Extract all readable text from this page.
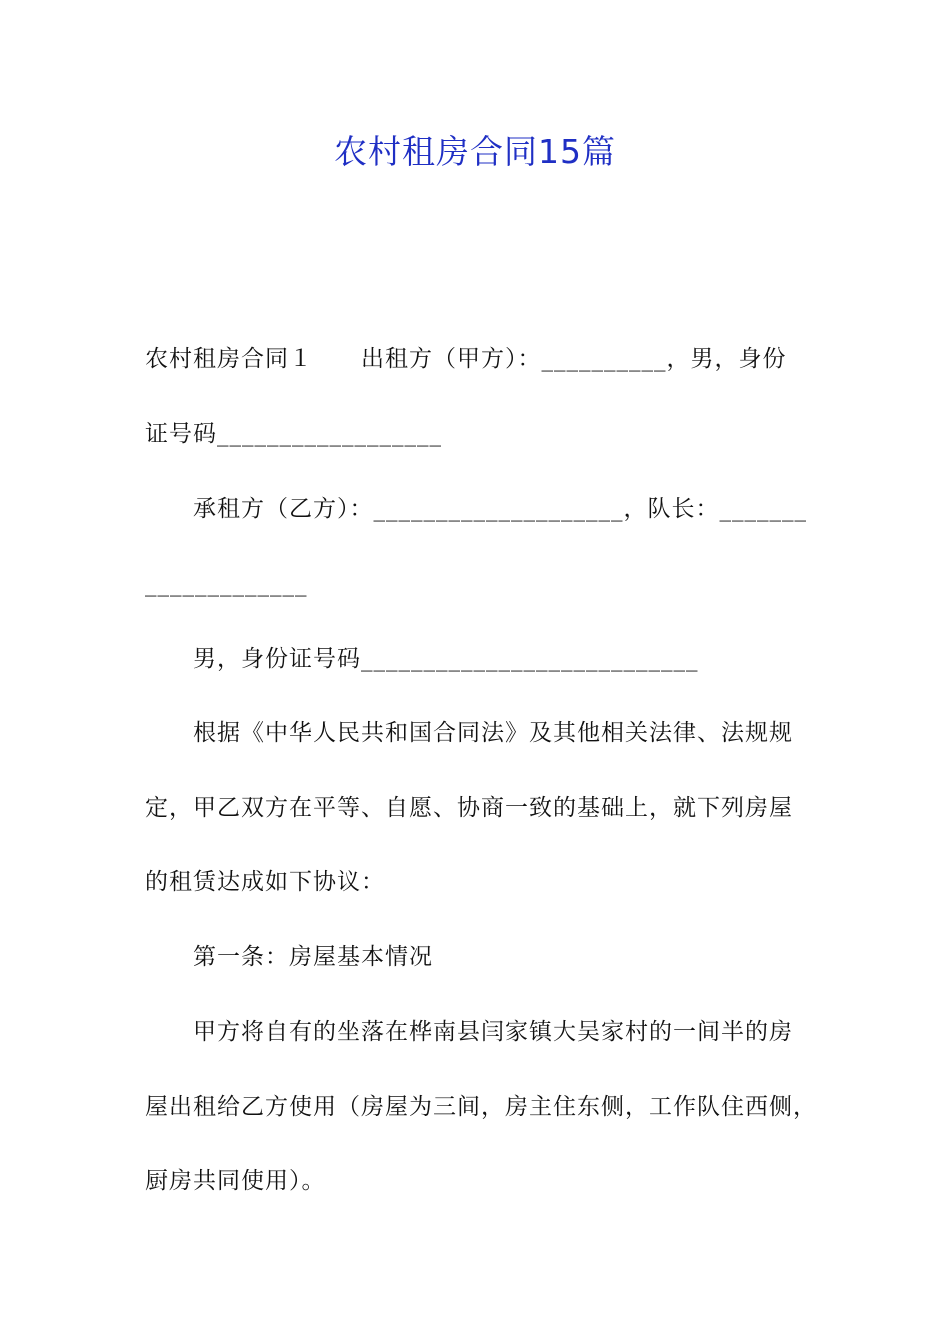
农村租房合同15篇
农村租房合同１ 出租方（甲方）：__________，男，身份
证号码__________________
承租方（乙方）：____________________，队长：_______
_____________
男，身份证号码___________________________
根据《中华人民共和国合同法》及其他相关法律、法规规
定，甲乙双方在平等、自愿、协商一致的基础上，就下列房屋
的租赁达成如下协议：
第一条：房屋基本情况
甲方将自有的坐落在桦南县闫家镇大吴家村的一间半的房
屋出租给乙方使用（房屋为三间，房主住东侧，工作队住西侧，
厨房共同使用）。
